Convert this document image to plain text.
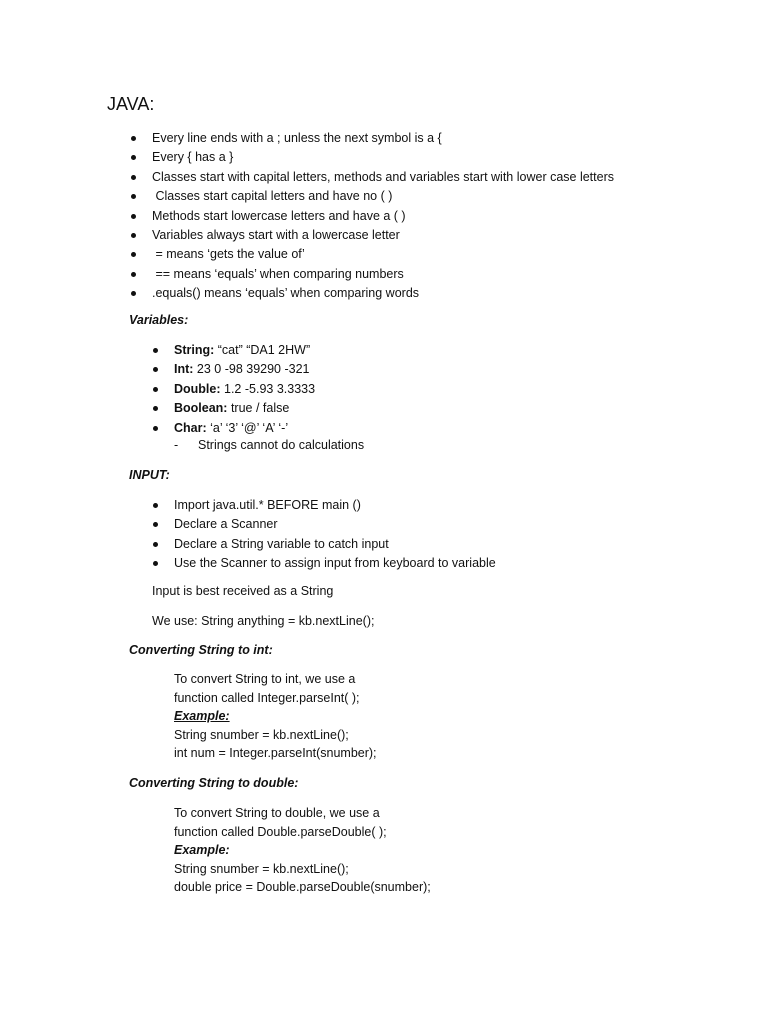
JAVA:
Every line ends with a ; unless the next symbol is a {
Every { has a }
Classes start with capital letters, methods and variables start with lower case letters
Classes start capital letters and have no ( )
Methods start lowercase letters and have a ( )
Variables always start with a lowercase letter
= means ‘gets the value of’
== means ‘equals’ when comparing numbers
.equals() means ‘equals’ when comparing words
Variables:
String: “cat” “DA1 2HW”
Int: 23 0 -98 39290 -321
Double: 1.2 -5.93 3.3333
Boolean: true / false
Char: ‘a’ ‘3’ ‘@’ ‘A’ ‘-’
- Strings cannot do calculations
INPUT:
Import java.util.* BEFORE main ()
Declare a Scanner
Declare a String variable to catch input
Use the Scanner to assign input from keyboard to variable
Input is best received as a String
We use: String anything = kb.nextLine();
Converting String to int:
To convert String to int, we use a
function called Integer.parseInt( );
Example:
String snumber = kb.nextLine();
int num = Integer.parseInt(snumber);
Converting String to double:
To convert String to double, we use a
function called Double.parseDouble( );
Example:
String snumber = kb.nextLine();
double price = Double.parseDouble(snumber);
